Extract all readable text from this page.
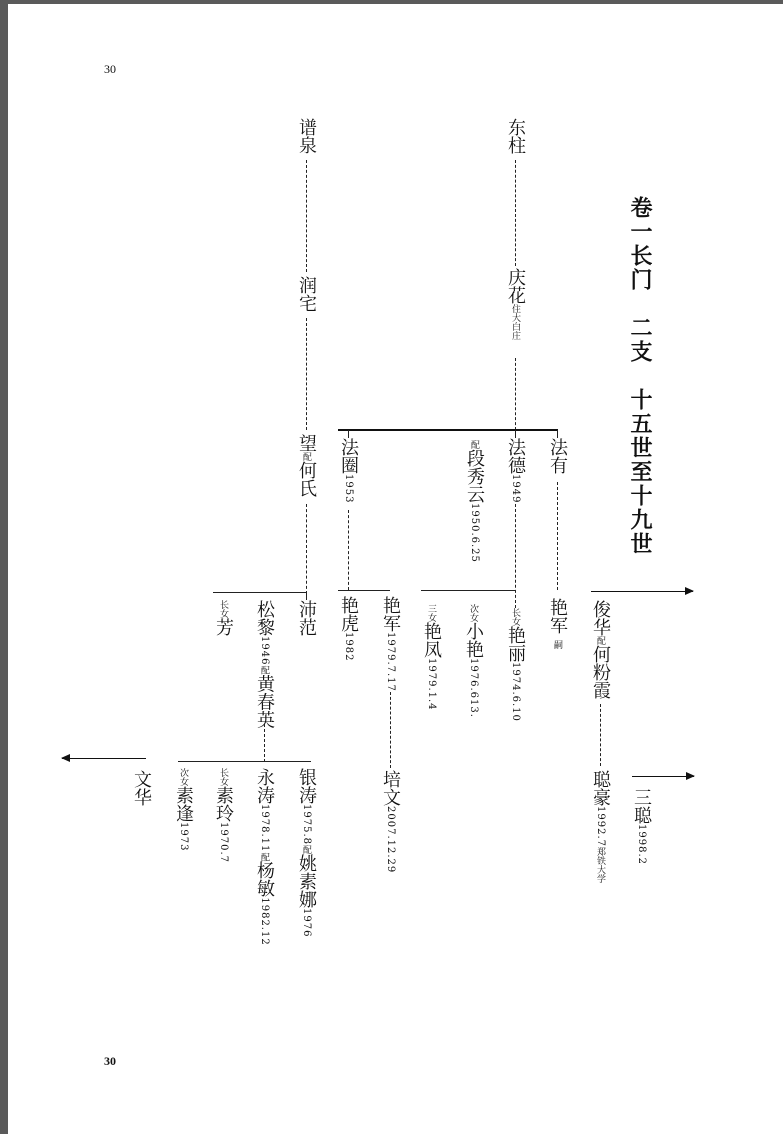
30
30
卷一长门　二支　十五世至十九世
谱泉
润宅
望配何氏
沛范
松黎1946配黄春英
长女芳
银涛1975.8配姚素娜1976
永涛1978.11配杨敏1982.12
长女素玲1970.7
次女素逢1973
文华
东柱
庆花住大白庄
法圈1953
配段秀云1950.6.25
法德1949
法有
艳虎1982
艳军1979.7.17
培文2007.12.29
三女艳凤1979.1.4
次女小艳1976.613.
长女艳丽1974.6.10
艳军嗣
俊华配何粉霞
聪豪1992.7郑铁大学
三聪1998.2
